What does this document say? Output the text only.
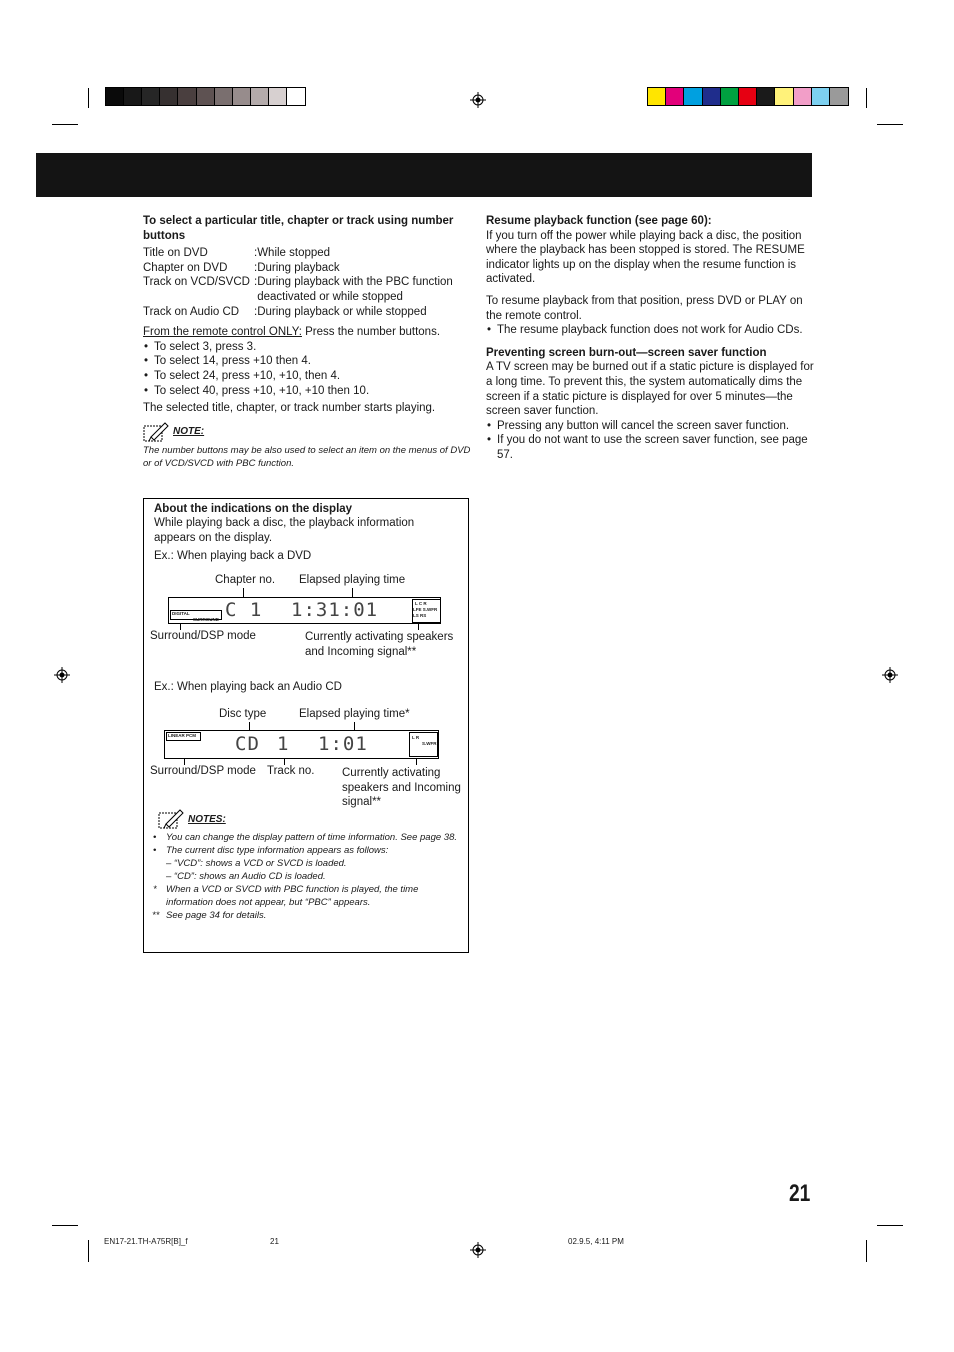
To select a particular title, chapter or track using number buttons
Title on DVD	:While stopped
Chapter on DVD :During playback
Track on VCD/SVCD :During playback with the PBC function
deactivated or while stopped
Track on Audio CD :During playback or while stopped
From the remote control ONLY: Press the number buttons.
• To select 3, press 3.
• To select 14, press +10 then 4.
• To select 24, press +10, +10, then 4.
• To select 40, press +10, +10, +10 then 10.
The selected title, chapter, or track number starts playing.
NOTE:
The number buttons may be also used to select an item on the menus of DVD or of VCD/SVCD with PBC function.
About the indications on the display
While playing back a disc, the playback information appears on the display.
Ex.: When playing back a DVD
Chapter no. Elapsed playing time
DIGITAL
SURROUND C 1 1:31:01	L C R
LFE S.WFR
LS RS
Surround/DSP mode	Currently activating speakers and Incoming signal**
Ex.: When playing back an Audio CD
Disc type	Elapsed playing time*
LINEAR PCM CD 1 1:01	L R
S.WFR
Surround/DSP mode Track no. Currently activating speakers and Incoming signal**
NOTES:
• You can change the display pattern of time information. See page 38.
• The current disc type information appears as follows:
– “VCD”: shows a VCD or SVCD is loaded.
– “CD”: shows an Audio CD is loaded.
* When a VCD or SVCD with PBC function is played, the time information does not appear, but “PBC” appears.
** See page 34 for details.
Resume playback function (see page 60):
If you turn off the power while playing back a disc, the position where the playback has been stopped is stored. The RESUME indicator lights up on the display when the resume function is activated.
To resume playback from that position, press DVD or PLAY on the remote control.
• The resume playback function does not work for Audio CDs.
Preventing screen burn-out—screen saver function
A TV screen may be burned out if a static picture is displayed for a long time. To prevent this, the system automatically dims the screen if a static picture is displayed for over 5 minutes—the screen saver function.
• Pressing any button will cancel the screen saver function.
• If you do not want to use the screen saver function, see page 57.
21
EN17-21.TH-A75R[B]_f	21	02.9.5, 4:11 PM
